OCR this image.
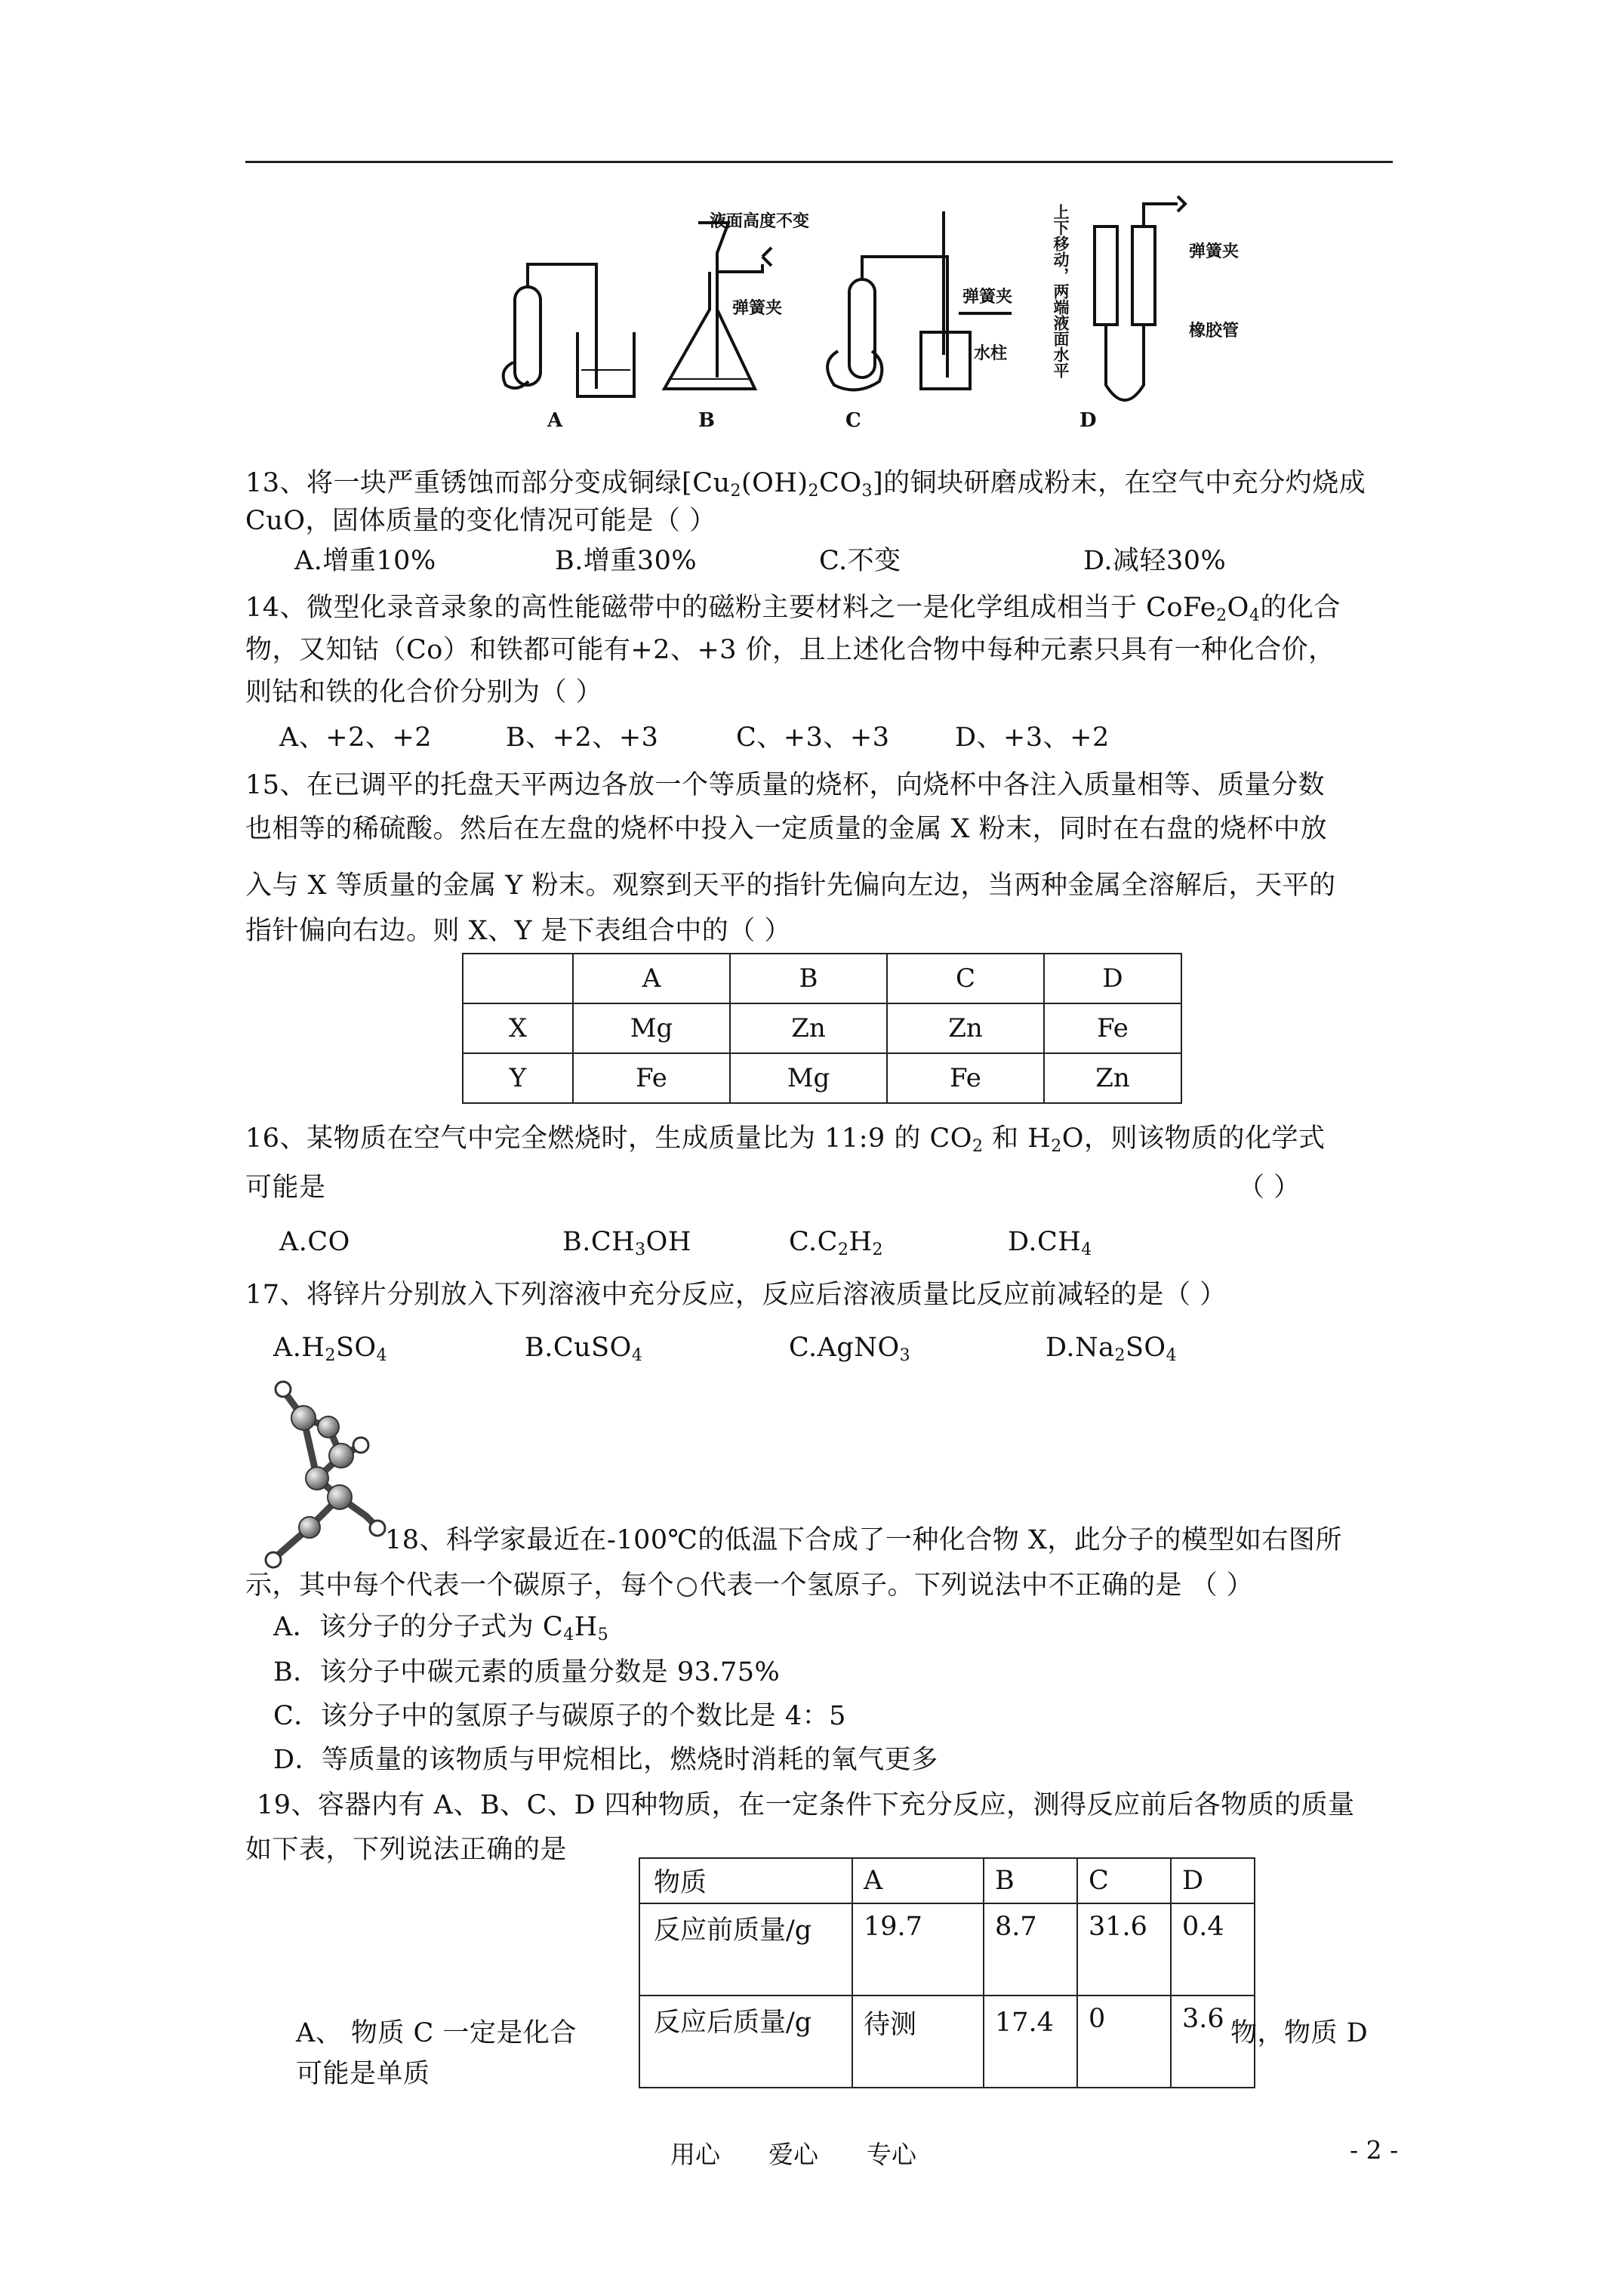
A	B	C	D
液面高度不变
弹簧夹
弹簧夹
水柱
弹簧夹
橡胶管
上下移动，两端液面水平
13、将一块严重锈蚀而部分变成铜绿$[Cu_2(OH)_2CO_3]$的铜块研磨成粉末，在空气中充分灼烧成
CuO，固体质量的变化情况可能是（ ）
A.增重10%	B.增重30%	C.不变	D.减轻30%
14、微型化录音录象的高性能磁带中的磁粉主要材料之一是化学组成相当于 $CoFe_2O_4$的化合
物，又知钴（Co）和铁都可能有+2、+3 价，且上述化合物中每种元素只具有一种化合价，
则钴和铁的化合价分别为（ ）
A、+2、+2	B、+2、+3	C、+3、+3 D、+3、+2
15、在已调平的托盘天平两边各放一个等质量的烧杯，向烧杯中各注入质量相等、质量分数
也相等的稀硫酸。然后在左盘的烧杯中投入一定质量的金属 X 粉末，同时在右盘的烧杯中放
入与 X 等质量的金属 Y 粉末。观察到天平的指针先偏向左边，当两种金属全溶解后，天平的
指针偏向右边。则 X、Y 是下表组合中的（ ）
	A	B	C	D
X	Mg	Zn	Zn	Fe
Y	Fe	Mg	Fe	Zn
16、某物质在空气中完全燃烧时，生成质量比为 11:9 的 $CO_2$ 和 $H_2O$，则该物质的化学式
可能是	（ ）
A.CO	$B.CH_3OH$	$C.C_2H_2$	$D.CH_4$
17、将锌片分别放入下列溶液中充分反应，反应后溶液质量比反应前减轻的是（ ）
$A.H_2SO_4$	B.CuSO$_4$	C.AgNO$_3$	$D.Na_2SO_4$
18、科学家最近在-100℃的低温下合成了一种化合物 X，此分子的模型如右图所
示，其中每个代表一个碳原子，每个 代表一个氢原子。下列说法中不正确的是 （ ）
A．该分子的分子式为 $C_4H_5$
B．该分子中碳元素的质量分数是 93.75%
C．该分子中的氢原子与碳原子的个数比是 4：5
D．等质量的该物质与甲烷相比，燃烧时消耗的氧气更多
19、容器内有 A、B、C、D 四种物质，在一定条件下充分反应，测得反应前后各物质的质量
如下表，下列说法正确的是
物质	A	B	C	D
反应前质量/g	19.7	8.7	31.6	0.4
反应后质量/g	待测	17.4	0	3.6
A、 物质 C 一定是化合	物，物质 D
可能是单质
用心 爱心 专心	- 2 -
